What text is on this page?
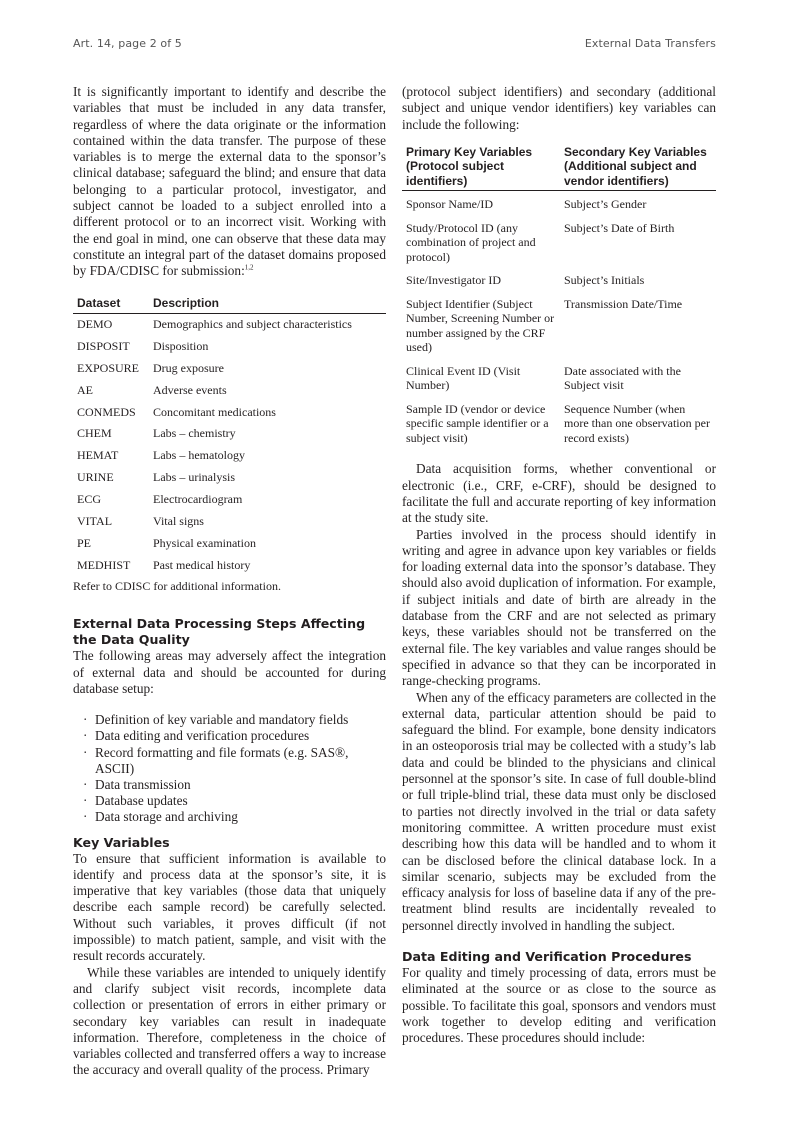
Art. 14, page 2 of 5	External Data Transfers

It is significantly important to identify and describe the variables that must be included in any data transfer, regardless of where the data originate or the information contained within the data transfer. The purpose of these variables is to merge the external data to the sponsor’s clinical database; safeguard the blind; and ensure that data belonging to a particular protocol, investigator, and subject cannot be loaded to a subject enrolled into a different protocol or to an incorrect visit. Working with the end goal in mind, one can observe that these data may constitute an integral part of the dataset domains proposed by FDA/CDISC for submission:$^{1,2}$

Dataset	Description
DEMO	Demographics and subject characteristics
DISPOSIT	Disposition
EXPOSURE	Drug exposure
AE	Adverse events
CONMEDS	Concomitant medications
CHEM	Labs – chemistry
HEMAT	Labs – hematology
URINE	Labs – urinalysis
ECG	Electrocardiogram
VITAL	Vital signs
PE	Physical examination
MEDHIST	Past medical history

Refer to CDISC for additional information.

External Data Processing Steps Affecting the Data Quality

The following areas may adversely affect the integration of external data and should be accounted for during database setup:

· Definition of key variable and mandatory fields
· Data editing and verification procedures
· Record formatting and file formats (e.g. SAS®, ASCII)
· Data transmission
· Database updates
· Data storage and archiving
Key Variables

To ensure that sufficient information is available to identify and process data at the sponsor’s site, it is imperative that key variables (those data that uniquely describe each sample record) be carefully selected. Without such variables, it proves difficult (if not impossible) to match patient, sample, and visit with the result records accurately.

While these variables are intended to uniquely identify and clarify subject visit records, incomplete data collection or presentation of errors in either primary or secondary key variables can result in inadequate information. Therefore, completeness in the choice of variables collected and transferred offers a way to increase the accuracy and overall quality of the process. Primary

(protocol subject identifiers) and secondary (additional subject and unique vendor identifiers) key variables can include the following:

Primary Key Variables (Protocol subject identifiers)	Secondary Key Variables (Additional subject and vendor identifiers)
Sponsor Name/ID	Subject’s Gender
Study/Protocol ID (any combination of project and protocol)	Subject’s Date of Birth
Site/Investigator ID	Subject’s Initials
Subject Identifier (Subject Number, Screening Number or number assigned by the CRF used)	Transmission Date/Time
Clinical Event ID (Visit Number)	Date associated with the Subject visit
Sample ID (vendor or device specific sample identifier or a subject visit)	Sequence Number (when more than one observation per record exists)

Data acquisition forms, whether conventional or electronic (i.e., CRF, e-CRF), should be designed to facilitate the full and accurate reporting of key information at the study site.

Parties involved in the process should identify in writing and agree in advance upon key variables or fields for loading external data into the sponsor’s database. They should also avoid duplication of information. For example, if subject initials and date of birth are already in the database from the CRF and are not selected as primary keys, these variables should not be transferred on the external file. The key variables and value ranges should be specified in advance so that they can be incorporated in range-checking programs.

When any of the efficacy parameters are collected in the external data, particular attention should be paid to safeguard the blind. For example, bone density indicators in an osteoporosis trial may be collected with a study’s lab data and could be blinded to the physicians and clinical personnel at the sponsor’s site. In case of full double-blind or full triple-blind trial, these data must only be disclosed to parties not directly involved in the trial or data safety monitoring committee. A written procedure must exist describing how this data will be handled and to whom it can be disclosed before the clinical database lock. In a similar scenario, subjects may be excluded from the efficacy analysis for loss of baseline data if any of the pre-treatment blind results are incidentally revealed to personnel directly involved in handling the subject.

Data Editing and Verification Procedures

For quality and timely processing of data, errors must be eliminated at the source or as close to the source as possible. To facilitate this goal, sponsors and vendors must work together to develop editing and verification procedures. These procedures should include:
